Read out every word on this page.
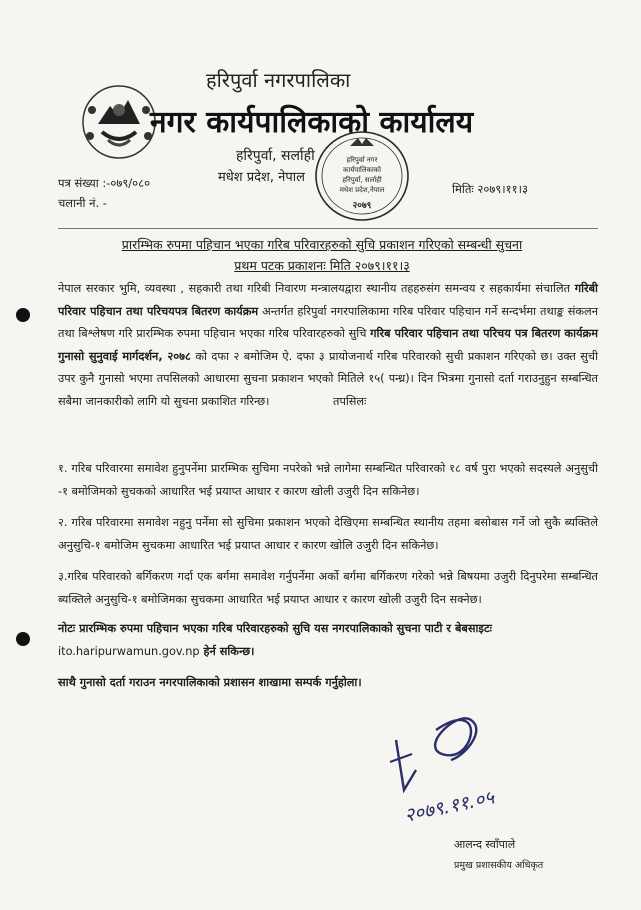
हरिपुर्वा नगरपालिका
नगर कार्यपालिकाको कार्यालय
हरिपुर्वा, सर्लाही
मधेश प्रदेश, नेपाल
पत्र संख्या :-०७९/०८०
चलानी नं. -
मितिः २०७९।११।३
हरिपुर्वा नगर
कार्यपालिकाको
हरिपुर्वा, सर्लाही
मधेश प्रदेश,नेपाल
२०७९
प्रारम्भिक रुपमा पहिचान भएका गरिब परिवारहरुको सुचि प्रकाशन गरिएको सम्बन्धी सुचना
प्रथम पटक प्रकाशनः मिति २०७९।११।३
नेपाल सरकार भुमि, व्यवस्था , सहकारी तथा गरिबी निवारण मन्त्रालयद्वारा स्थानीय तहहरुसंग समन्वय र सहकार्यमा संचालित गरिबी परिवार पहिचान तथा परिचयपत्र बितरण कार्यक्रम अन्तर्गत हरिपुर्वा नगरपालिकामा गरिब परिवार पहिचान गर्ने सन्दर्भमा तथाङ्क संकलन तथा बिश्लेषण गरि प्रारम्भिक रुपमा पहिचान भएका गरिब परिवारहरुको सुचि गरिब परिवार पहिचान तथा परिचय पत्र बितरण कार्यक्रम गुनासो सुनुवाई मार्गदर्शन, २०७८ को दफा २ बमोजिम ऐ. दफा ३ प्रायोजनार्थ गरिब परिवारको सुची प्रकाशन गरिएको छ। उक्त सुची उपर कुनै गुनासो भएमा तपसिलको आधारमा सुचना प्रकाशन भएको मितिले १५( पन्ध्र)। दिन भित्रमा गुनासो दर्ता गराउनुहुन सम्बन्धित सबैमा जानकारीको लागि यो सुचना प्रकाशित गरिन्छ।	तपसिलः
१. गरिब परिवारमा समावेश हुनुपर्नेमा प्रारम्भिक सुचिमा नपरेको भन्ने लागेमा सम्बन्धित परिवारको १८ वर्ष पुरा भएको सदस्यले अनुसुची -१ बमोजिमको सुचकको आधारित भई प्रयाप्त आधार र कारण खोली उजुरी दिन सकिनेछ।
२. गरिब परिवारमा समावेश नहुनु पर्नेमा सो सुचिमा प्रकाशन भएको देखिएमा सम्बन्धित स्थानीय तहमा बसोबास गर्ने जो सुकै ब्यक्तिले अनुसुचि-१ बमोजिम सुचकमा आधारित भई प्रयाप्त आधार र कारण खोलि उजुरी दिन सकिनेछ।
३.गरिब परिवारको बर्गिकरण गर्दा एक बर्गमा समावेश गर्नुपर्नेमा अर्को बर्गमा बर्गिकरण गरेको भन्ने बिषयमा उजुरी दिनुपरेमा सम्बन्धित ब्यक्तिले अनुसुचि-१ बमोजिमका सुचकमा आधारित भई प्रयाप्त आधार र कारण खोली उजुरी दिन सक्नेछ।
नोटः प्रारम्भिक रुपमा पहिचान भएका गरिब परिवारहरुको सुचि यस नगरपालिकाको सुचना पाटी र बेबसाइटः
ito.haripurwamun.gov.np हेर्न सकिन्छ।
साथै गुनासो दर्ता गराउन नगरपालिकाको प्रशासन शाखामा सम्पर्क गर्नुहोला।
२०७९.११.०५
आलन्द स्वाँपाले
प्रमुख प्रशासकीय अधिकृत
